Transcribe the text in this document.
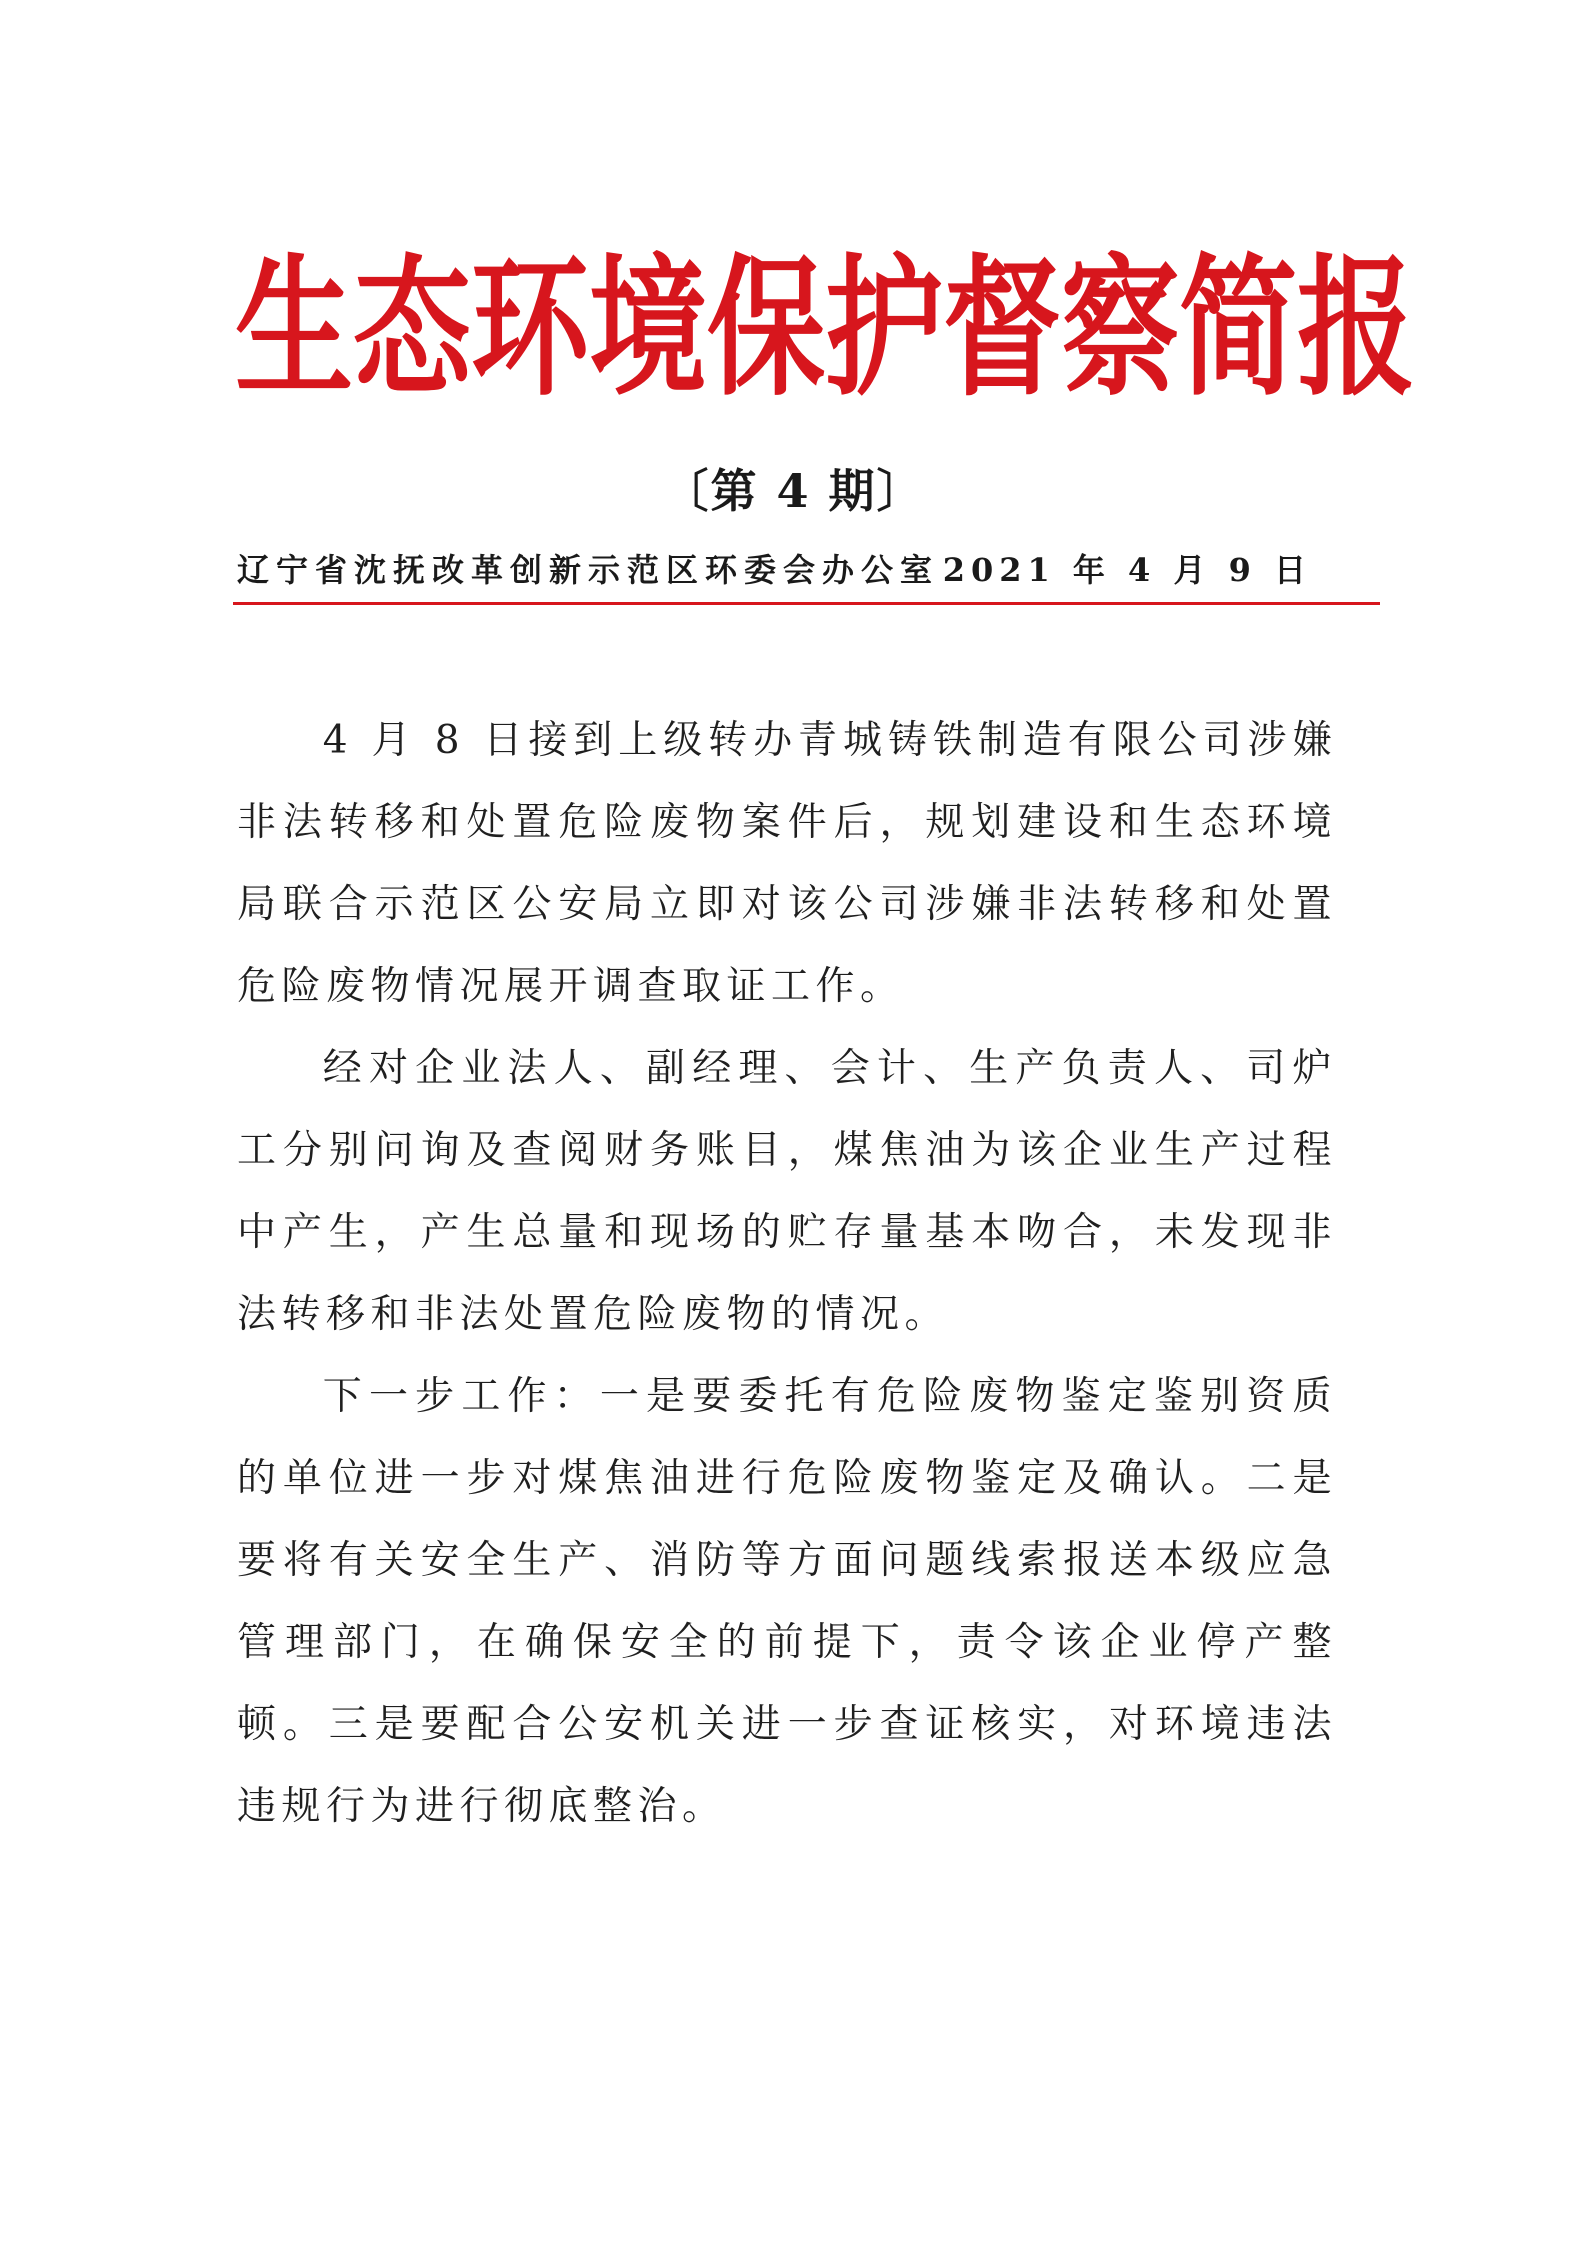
生 态 环 境 保 护 督 察 简 报
〔第 4 期〕
辽宁省沈抚改革创新示范区环委会办公室 2021 年 4 月 9 日

4 月 8 日接到上级转办青城铸铁制造有限公司涉嫌非法转移和处置危险废物案件后，规划建设和生态环境局联合示范区公安局立即对该公司涉嫌非法转移和处置危险废物情况展开调查取证工作。

经对企业法人、副经理、会计、生产负责人、司炉工分别问询及查阅财务账目，煤焦油为该企业生产过程中产生，产生总量和现场的贮存量基本吻合，未发现非法转移和非法处置危险废物的情况。

下一步工作：一是要委托有危险废物鉴定鉴别资质的单位进一步对煤焦油进行危险废物鉴定及确认。二是要将有关安全生产、消防等方面问题线索报送本级应急管理部门，在确保安全的前提下，责令该企业停产整顿。三是要配合公安机关进一步查证核实，对环境违法违规行为进行彻底整治。
